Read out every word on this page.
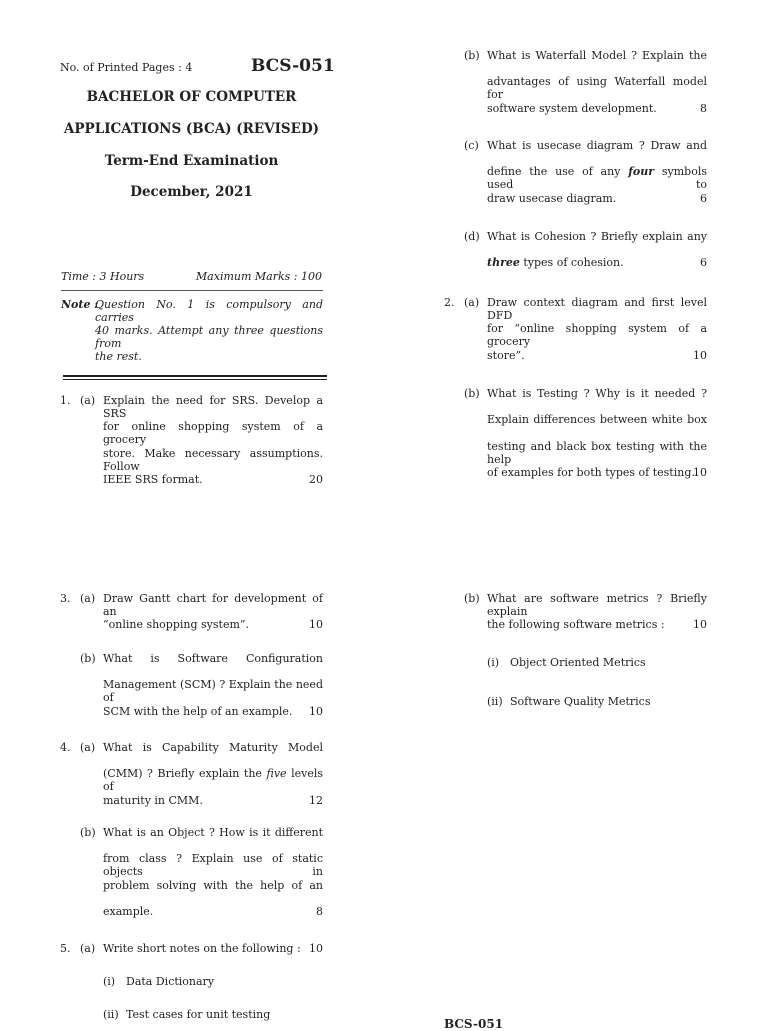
No. of Printed Pages : 4	BCS-051
BACHELOR OF COMPUTER
APPLICATIONS (BCA) (REVISED)
Term-End Examination
December, 2021
Time : 3 Hours	Maximum Marks : 100
Note :
Question No. 1 is compulsory and carries
40 marks. Attempt any three questions from
the rest.
1. (a) Explain the need for SRS. Develop a SRS
for online shopping system of a grocery
store. Make necessary assumptions. Follow
IEEE SRS format.	20
(b) What is Waterfall Model ? Explain the
advantages of using Waterfall model for
software system development.	8
(c) What is usecase diagram ? Draw and
define the use of any four symbols used to
draw usecase diagram.	6
(d) What is Cohesion ? Briefly explain any
three types of cohesion.	6
2. (a) Draw context diagram and first level DFD
for “online shopping system of a grocery
store”.	10
(b) What is Testing ? Why is it needed ?
Explain differences between white box
testing and black box testing with the help
of examples for both types of testing.
10
3. (a) Draw Gantt chart for development of an
“online shopping system”.	10
(b) What is Software Configuration
Management (SCM) ? Explain the need of
SCM with the help of an example. 10
4. (a) What is Capability Maturity Model
(CMM) ? Briefly explain the five levels of
maturity in CMM.	12
(b) What is an Object ? How is it different
from class ? Explain use of static objects in
problem solving with the help of an
example.	8
5. (a) Write short notes on the following : 10
(i) Data Dictionary
(ii) Test cases for unit testing
(b) What are software metrics ? Briefly explain
the following software metrics :	10
(i) Object Oriented Metrics
(ii) Software Quality Metrics
BCS-051
